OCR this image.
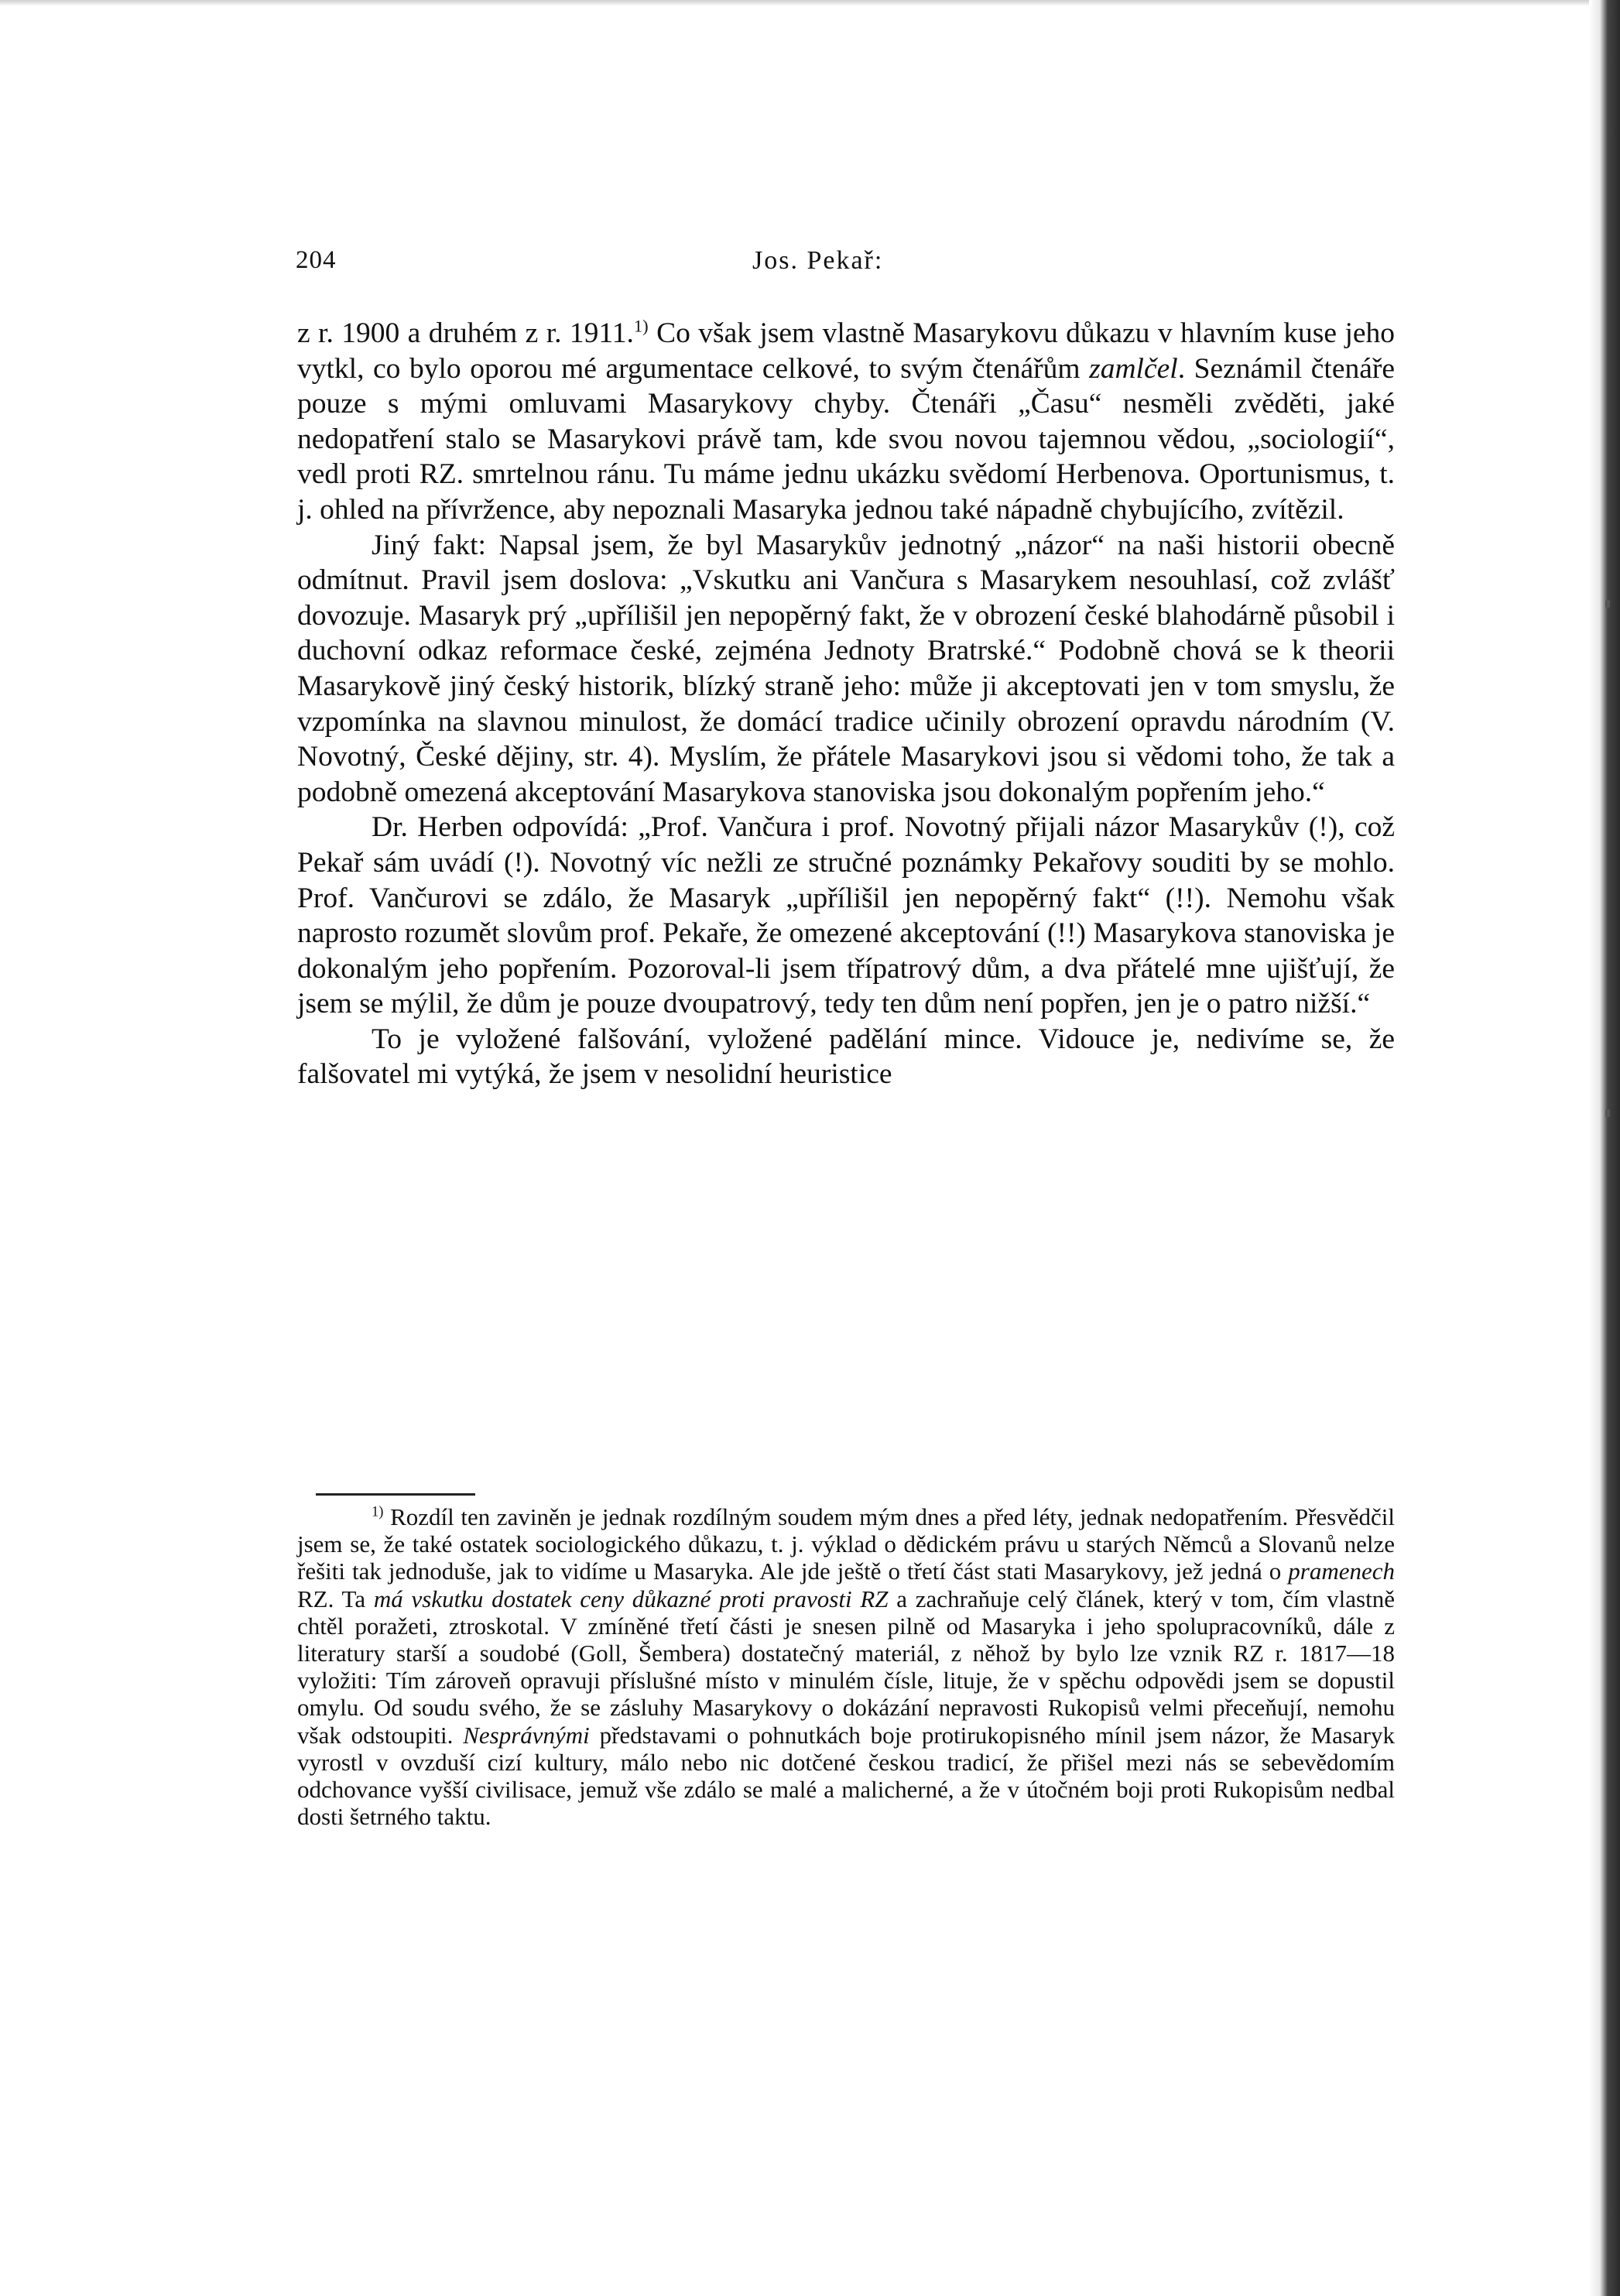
204	Jos. Pekař:

z r. 1900 a druhém z r. 1911.$^{1)}$ Co však jsem vlastně Masarykovu důkazu v hlavním kuse jeho vytkl, co bylo oporou mé argumentace celkové, to svým čtenářům zamlčel. Seznámil čtenáře pouze s mými omluvami Masarykovy chyby. Čtenáři „Času“ nesměli zvěděti, jaké nedopatření stalo se Masarykovi právě tam, kde svou novou tajemnou vědou, „sociologií“, vedl proti RZ. smrtelnou ránu. Tu máme jednu ukázku svědomí Herbenova. Oportunismus, t. j. ohled na přívržence, aby nepoznali Masaryka jednou také nápadně chybujícího, zvítězil.

Jiný fakt: Napsal jsem, že byl Masarykův jednotný „názor“ na naši historii obecně odmítnut. Pravil jsem doslova: „Vskutku ani Vančura s Masarykem nesouhlasí, což zvlášť dovozuje. Masaryk prý „upřílišil jen nepopěrný fakt, že v obrození české blahodárně působil i duchovní odkaz reformace české, zejména Jednoty Bratrské.“ Podobně chová se k theorii Masarykově jiný český historik, blízký straně jeho: může ji akceptovati jen v tom smyslu, že vzpomínka na slavnou minulost, že domácí tradice učinily obrození opravdu národním (V. Novotný, České dějiny, str. 4). Myslím, že přátele Masarykovi jsou si vědomi toho, že tak a podobně omezená akceptování Masarykova stanoviska jsou dokonalým popřením jeho.“

Dr. Herben odpovídá: „Prof. Vančura i prof. Novotný přijali názor Masarykův (!), což Pekař sám uvádí (!). Novotný víc nežli ze stručné poznámky Pekařovy souditi by se mohlo. Prof. Vančurovi se zdálo, že Masaryk „upřílišil jen nepopěrný fakt“ (!!). Nemohu však naprosto rozumět slovům prof. Pekaře, že omezené akceptování (!!) Masarykova stanoviska je dokonalým jeho popřením. Pozoroval-li jsem třípatrový dům, a dva přátelé mne ujišťují, že jsem se mýlil, že dům je pouze dvoupatrový, tedy ten dům není popřen, jen je o patro nižší.“

To je vyložené falšování, vyložené padělání mince. Vidouce je, nedivíme se, že falšovatel mi vytýká, že jsem v nesolidní heuristice

$^{1)}$ Rozdíl ten zaviněn je jednak rozdílným soudem mým dnes a před léty, jednak nedopatřením. Přesvědčil jsem se, že také ostatek sociologického důkazu, t. j. výklad o dědickém právu u starých Němců a Slovanů nelze řešiti tak jednoduše, jak to vidíme u Masaryka. Ale jde ještě o třetí část stati Masarykovy, jež jedná o pramenech RZ. Ta má vskutku dostatek ceny důkazné proti pravosti RZ a zachraňuje celý článek, který v tom, čím vlastně chtěl poražeti, ztroskotal. V zmíněné třetí části je snesen pilně od Masaryka i jeho spolupracovníků, dále z literatury starší a soudobé (Goll, Šembera) dostatečný materiál, z něhož by bylo lze vznik RZ r. 1817—18 vyložiti: Tím zároveň opravuji příslušné místo v minulém čísle, lituje, že v spěchu odpovědi jsem se dopustil omylu. Od soudu svého, že se zásluhy Masarykovy o dokázání nepravosti Rukopisů velmi přeceňují, nemohu však odstoupiti. Nesprávnými představami o pohnutkách boje protirukopisného mínil jsem názor, že Masaryk vyrostl v ovzduší cizí kultury, málo nebo nic dotčené českou tradicí, že přišel mezi nás se sebevědomím odchovance vyšší civilisace, jemuž vše zdálo se malé a malicherné, a že v útočném boji proti Rukopisům nedbal dosti šetrného taktu.
